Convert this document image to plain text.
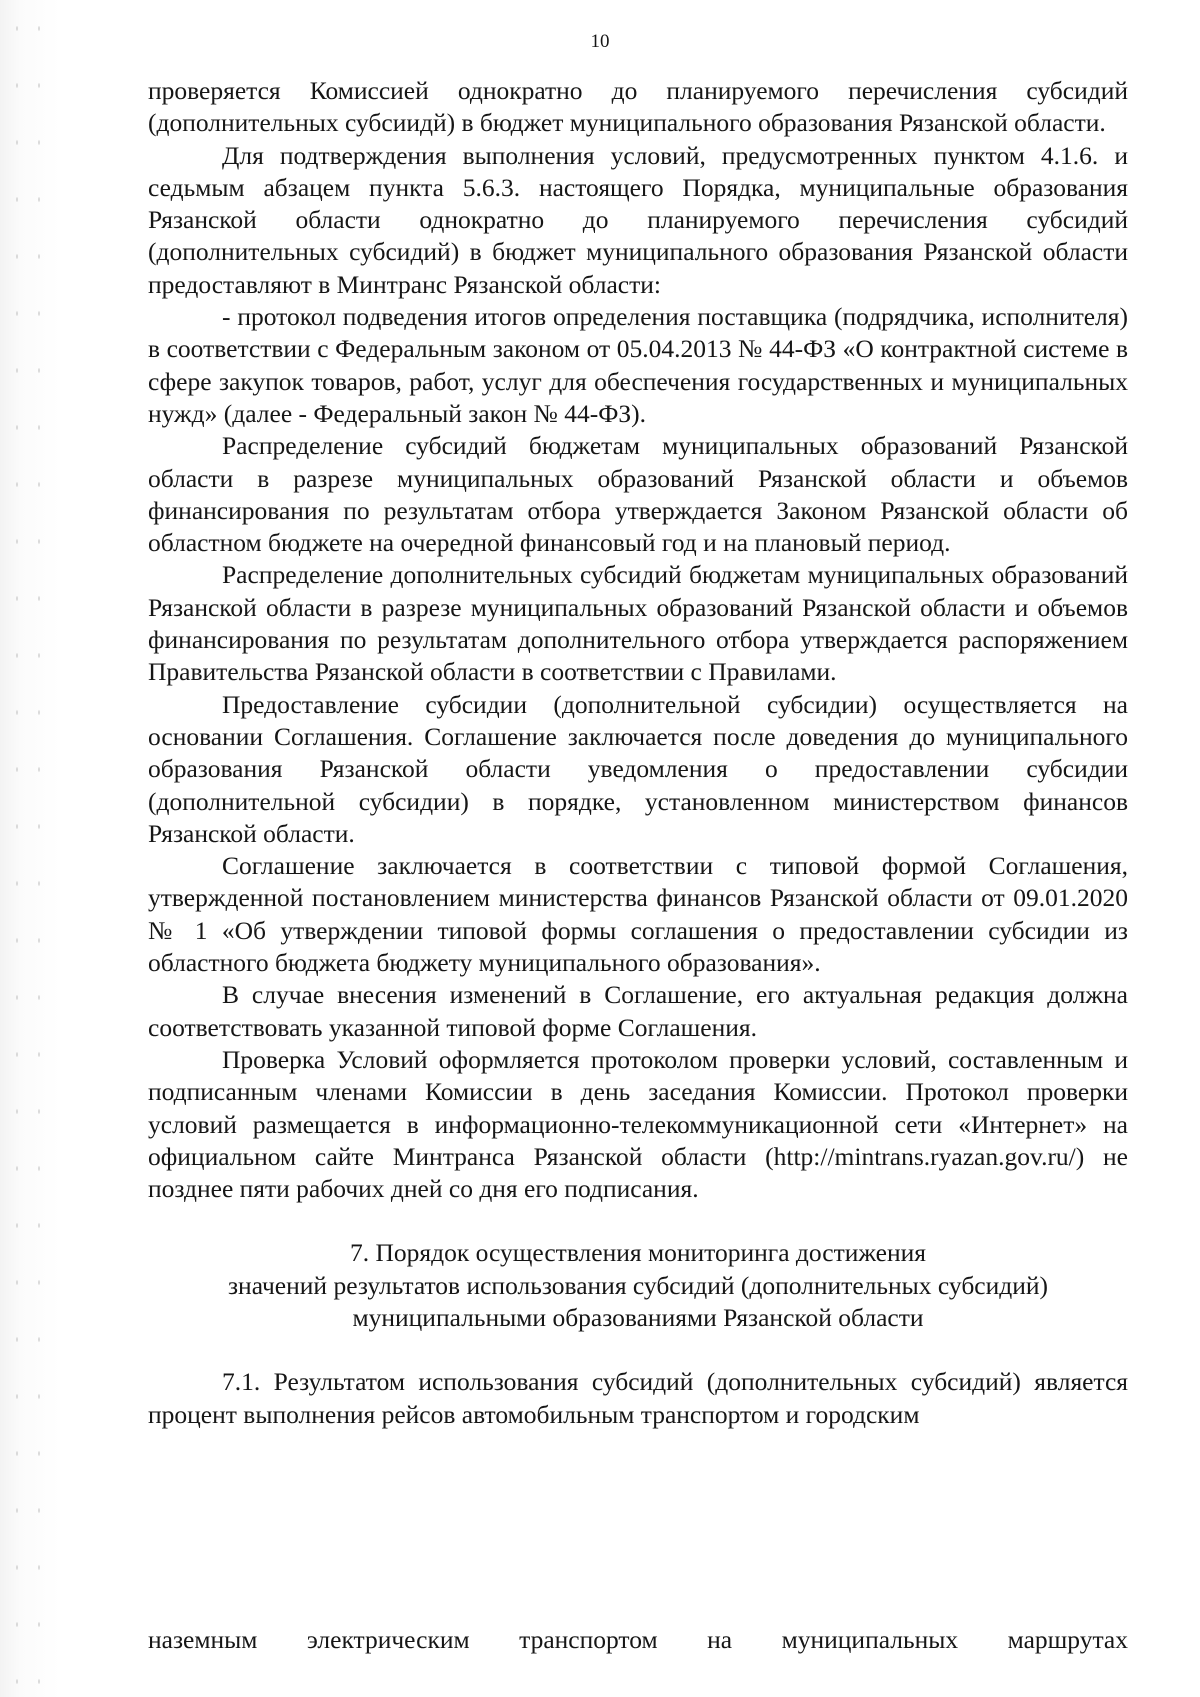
10

проверяется Комиссией однократно до планируемого перечисления субсидий (дополнительных субсиидй) в бюджет муниципального образования Рязанской области.

Для подтверждения выполнения условий, предусмотренных пунктом 4.1.6. и седьмым абзацем пункта 5.6.3. настоящего Порядка, муниципальные образования Рязанской области однократно до планируемого перечисления субсидий (дополнительных субсидий) в бюджет муниципального образования Рязанской области предоставляют в Минтранс Рязанской области:

- протокол подведения итогов определения поставщика (подрядчика, исполнителя) в соответствии с Федеральным законом от 05.04.2013 № 44-ФЗ «О контрактной системе в сфере закупок товаров, работ, услуг для обеспечения государственных и муниципальных нужд» (далее - Федеральный закон № 44-ФЗ).

Распределение субсидий бюджетам муниципальных образований Рязанской области в разрезе муниципальных образований Рязанской области и объемов финансирования по результатам отбора утверждается Законом Рязанской области об областном бюджете на очередной финансовый год и на плановый период.

Распределение дополнительных субсидий бюджетам муниципальных образований Рязанской области в разрезе муниципальных образований Рязанской области и объемов финансирования по результатам дополнительного отбора утверждается распоряжением Правительства Рязанской области в соответствии с Правилами.

Предоставление субсидии (дополнительной субсидии) осуществляется на основании Соглашения. Соглашение заключается после доведения до муниципального образования Рязанской области уведомления о предоставлении субсидии (дополнительной субсидии) в порядке, установленном министерством финансов Рязанской области.

Соглашение заключается в соответствии с типовой формой Соглашения, утвержденной постановлением министерства финансов Рязанской области от 09.01.2020 № 1 «Об утверждении типовой формы соглашения о предоставлении субсидии из областного бюджета бюджету муниципального образования».

В случае внесения изменений в Соглашение, его актуальная редакция должна соответствовать указанной типовой форме Соглашения.

Проверка Условий оформляется протоколом проверки условий, составленным и подписанным членами Комиссии в день заседания Комиссии. Протокол проверки условий размещается в информационно-телекоммуникационной сети «Интернет» на официальном сайте Минтранса Рязанской области (http://mintrans.ryazan.gov.ru/) не позднее пяти рабочих дней со дня его подписания.

7. Порядок осуществления мониторинга достижения
значений результатов использования субсидий (дополнительных субсидий)
муниципальными образованиями Рязанской области

7.1. Результатом использования субсидий (дополнительных субсидий) является процент выполнения рейсов автомобильным транспортом и городским

наземным электрическим транспортом на муниципальных маршрутах
